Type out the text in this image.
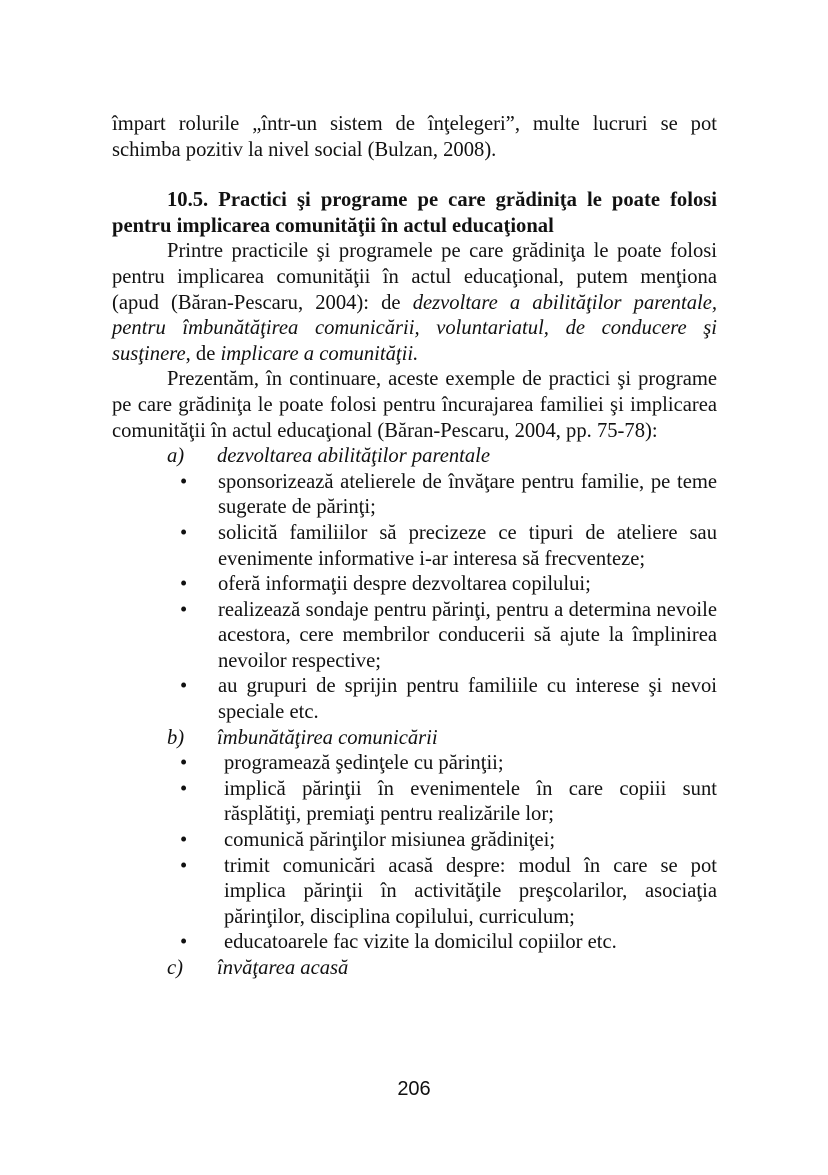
împart rolurile „într-un sistem de înţelegeri”, multe lucruri se pot schimba pozitiv la nivel social (Bulzan, 2008).

10.5. Practici şi programe pe care grădiniţa le poate folosi pentru implicarea comunităţii în actul educaţional

Printre practicile şi programele pe care grădiniţa le poate folosi pentru implicarea comunităţii în actul educaţional, putem menţiona (apud (Băran-Pescaru, 2004): de dezvoltare a abilităţilor parentale, pentru îmbunătăţirea comunicării, voluntariatul, de conducere şi susţinere, de implicare a comunităţii.

Prezentăm, în continuare, aceste exemple de practici şi programe pe care grădiniţa le poate folosi pentru încurajarea familiei şi implicarea comunităţii în actul educaţional (Băran-Pescaru, 2004, pp. 75-78):

a)	dezvoltarea abilităţilor parentale

• sponsorizează atelierele de învăţare pentru familie, pe teme sugerate de părinţi;
• solicită familiilor să precizeze ce tipuri de ateliere sau evenimente informative i-ar interesa să frecventeze;
• oferă informaţii despre dezvoltarea copilului;
• realizează sondaje pentru părinţi, pentru a determina nevoile acestora, cere membrilor conducerii să ajute la împlinirea nevoilor respective;
• au grupuri de sprijin pentru familiile cu interese şi nevoi speciale etc.

b)	îmbunătăţirea comunicării

• programează şedinţele cu părinţii;
• implică părinţii în evenimentele în care copiii sunt răsplătiţi, premiaţi pentru realizările lor;
• comunică părinţilor misiunea grădiniţei;
• trimit comunicări acasă despre: modul în care se pot implica părinţii în activităţile preşcolarilor, asociaţia părinţilor, disciplina copilului, curriculum;
• educatoarele fac vizite la domicilul copiilor etc.

c)	învăţarea acasă

206
